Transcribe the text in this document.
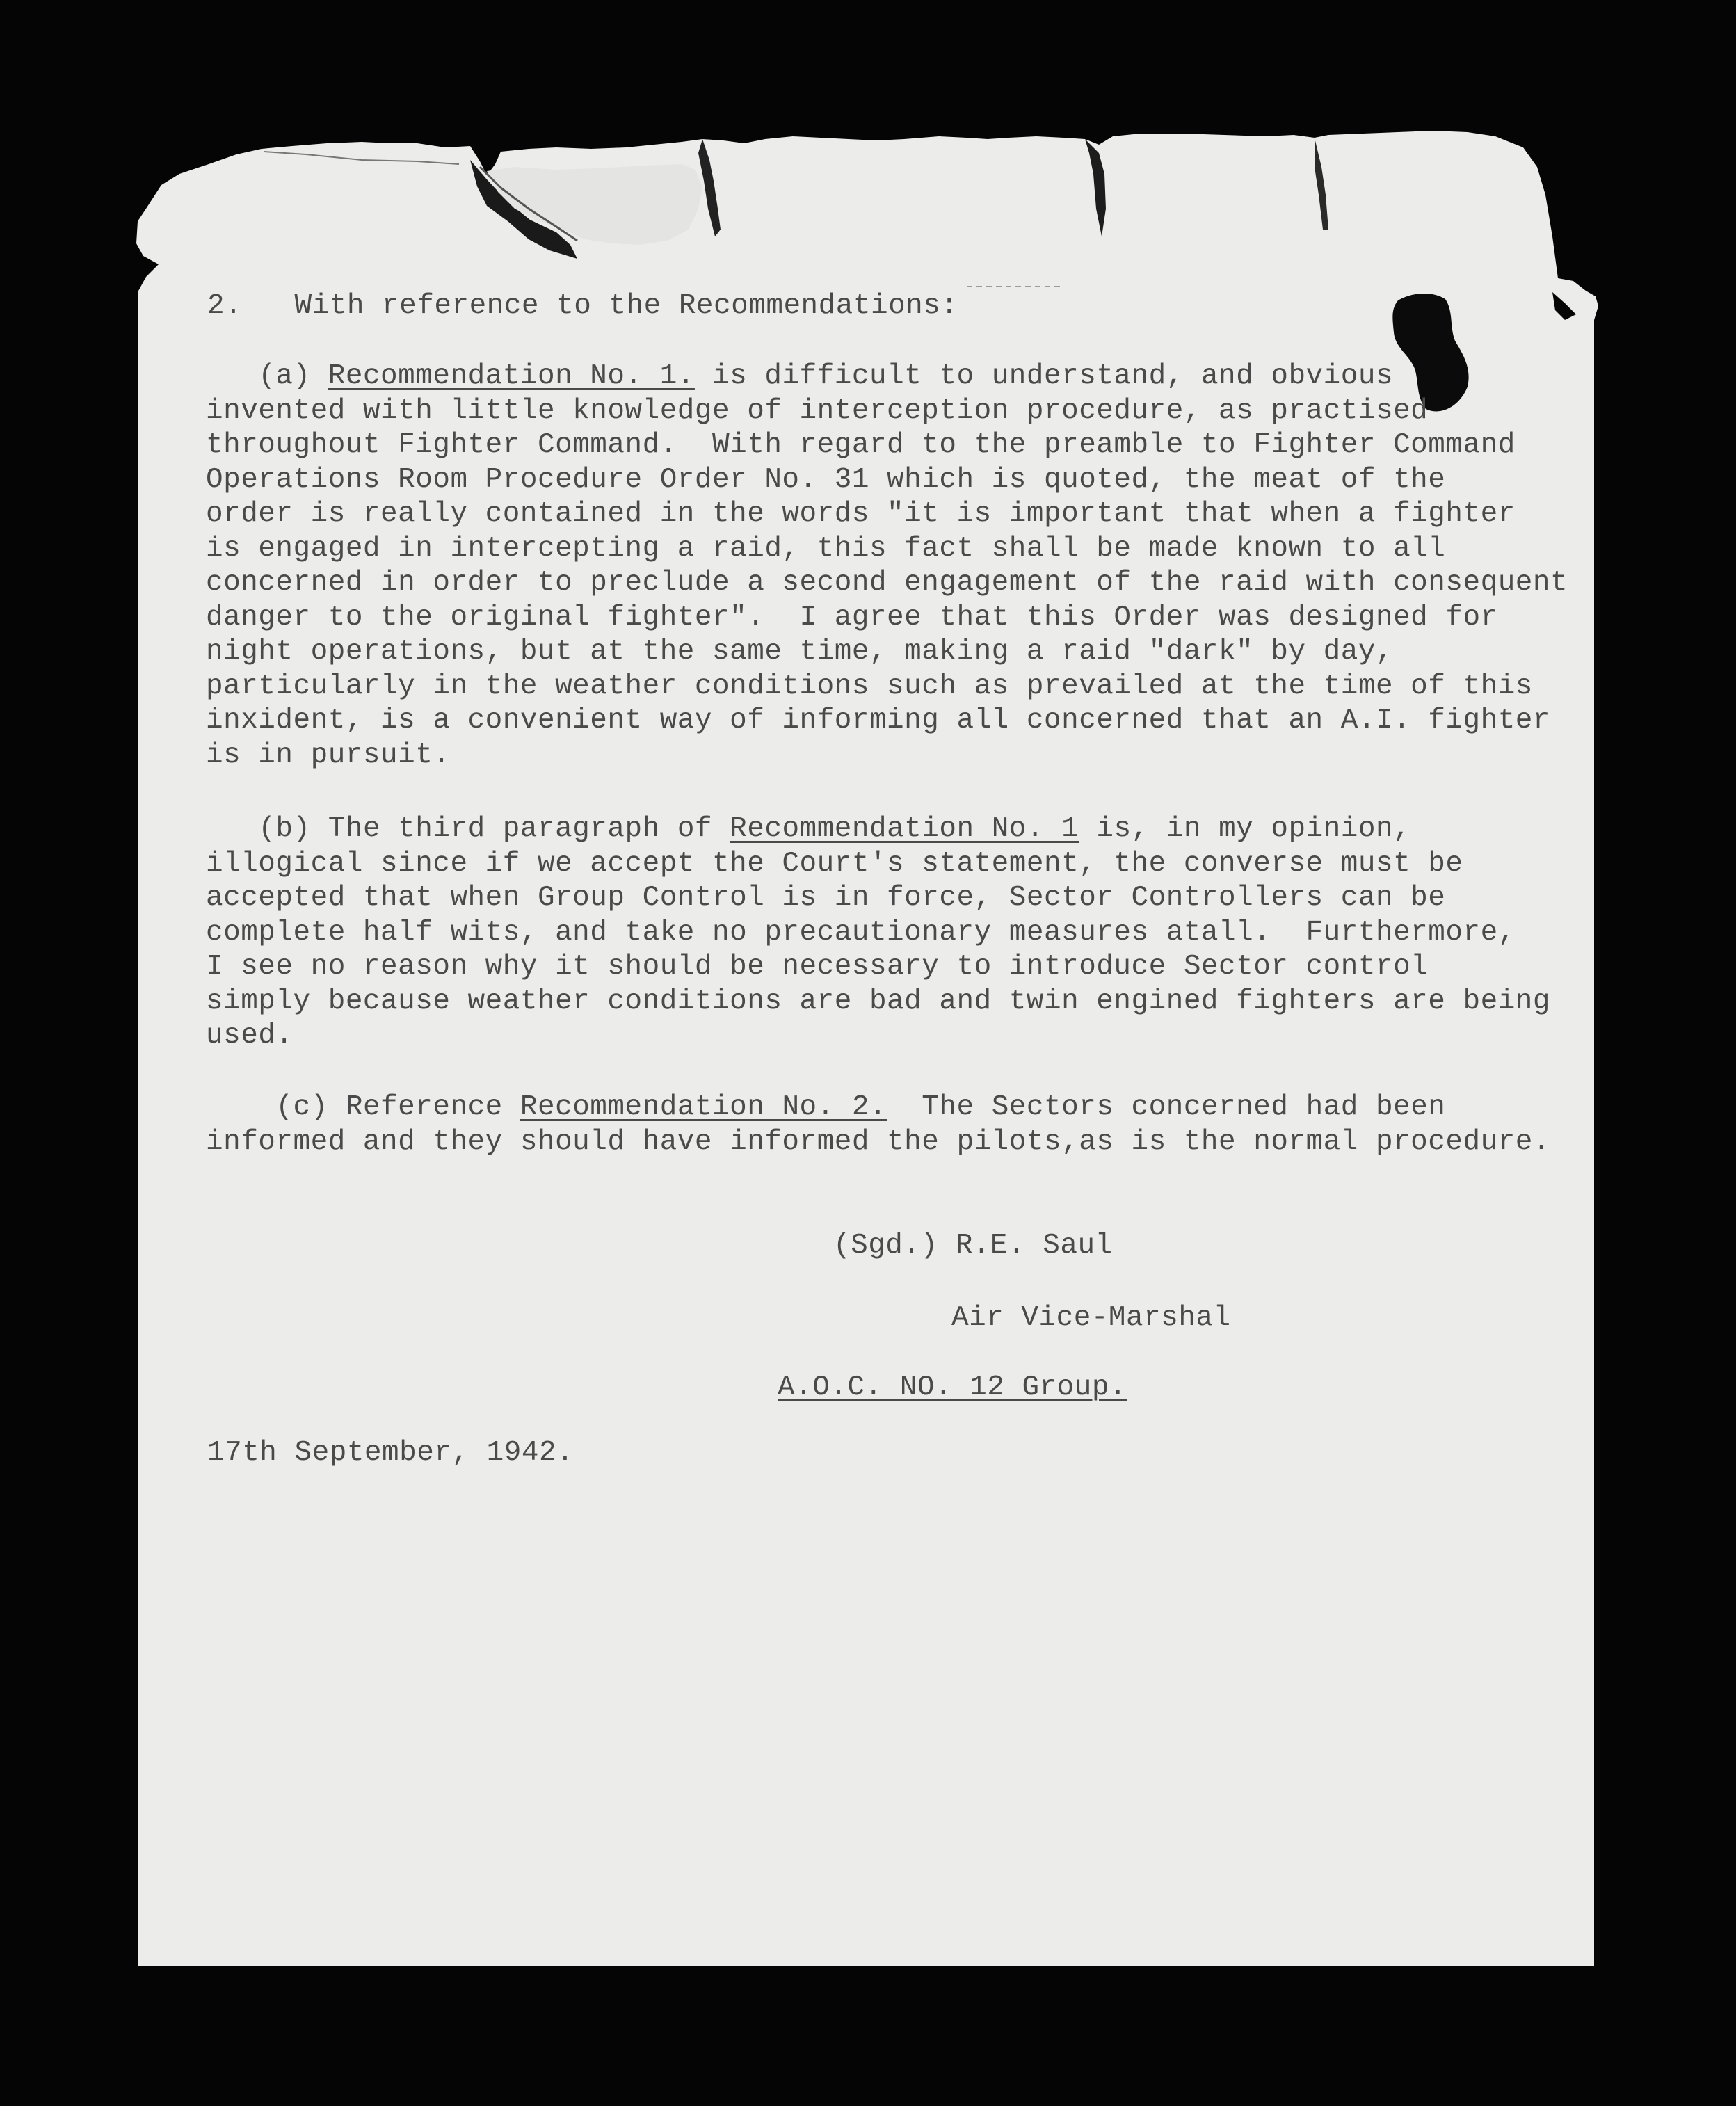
2. With reference to the Recommendations:
(a) Recommendation No. 1. is difficult to understand, and obvious
invented with little knowledge of interception procedure, as practised
throughout Fighter Command.  With regard to the preamble to Fighter Command
Operations Room Procedure Order No. 31 which is quoted, the meat of the
order is really contained in the words "it is important that when a fighter
is engaged in intercepting a raid, this fact shall be made known to all
concerned in order to preclude a second engagement of the raid with consequent
danger to the original fighter".  I agree that this Order was designed for
night operations, but at the same time, making a raid "dark" by day,
particularly in the weather conditions such as prevailed at the time of this
inxident, is a convenient way of informing all concerned that an A.I. fighter
is in pursuit.
(b) The third paragraph of Recommendation No. 1 is, in my opinion,
illogical since if we accept the Court's statement, the converse must be
accepted that when Group Control is in force, Sector Controllers can be
complete half wits, and take no precautionary measures atall.  Furthermore,
I see no reason why it should be necessary to introduce Sector control
simply because weather conditions are bad and twin engined fighters are being
used.
(c) Reference Recommendation No. 2.  The Sectors concerned had been
informed and they should have informed the pilots,as is the normal procedure.
(Sgd.) R.E. Saul
Air Vice-Marshal
A.O.C. NO. 12 Group.
17th September, 1942.
